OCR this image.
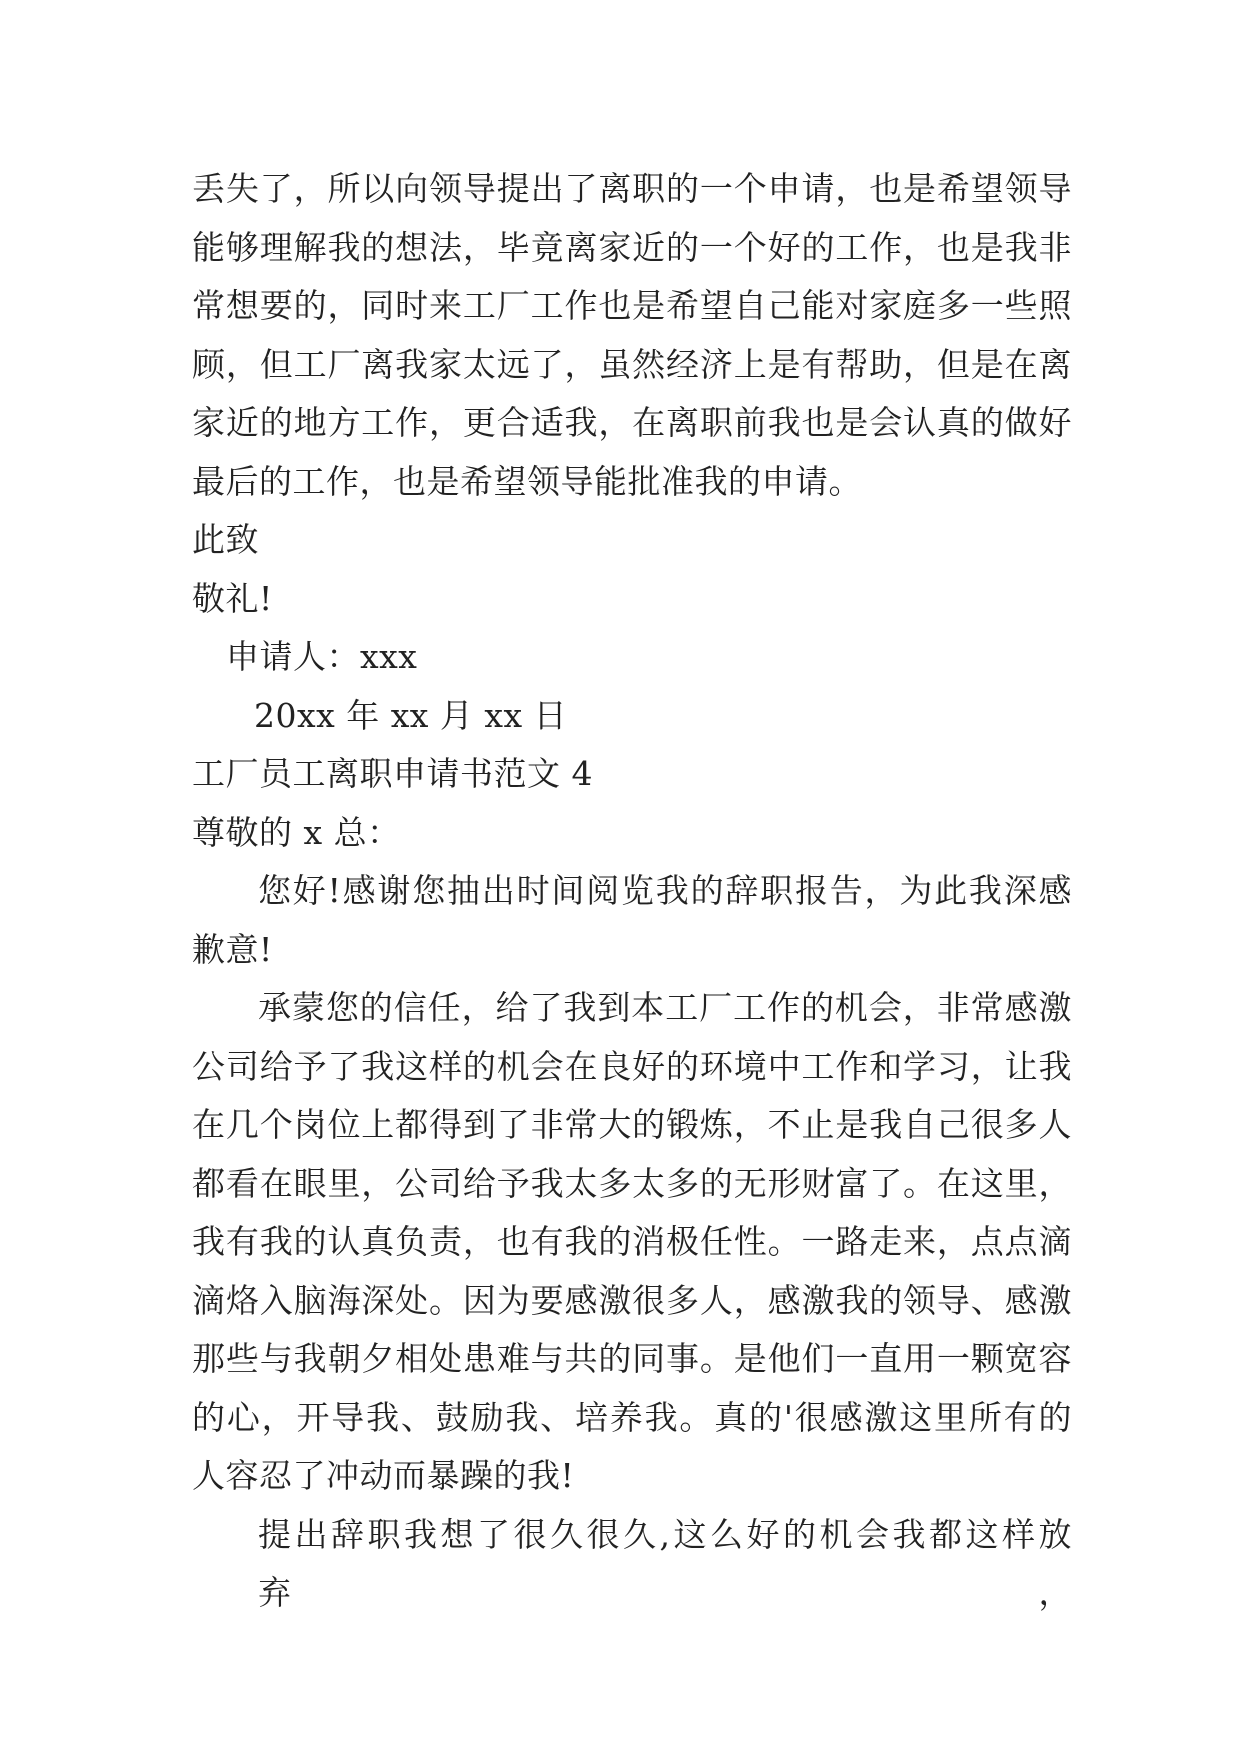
丢失了，所以向领导提出了离职的一个申请，也是希望领导
能够理解我的想法，毕竟离家近的一个好的工作，也是我非
常想要的，同时来工厂工作也是希望自己能对家庭多一些照
顾，但工厂离我家太远了，虽然经济上是有帮助，但是在离
家近的地方工作，更合适我，在离职前我也是会认真的做好
最后的工作，也是希望领导能批准我的申请。
此致
敬礼!
申请人：xxx
20xx 年 xx 月 xx 日
工厂员工离职申请书范文 4
尊敬的 x 总：
您好!感谢您抽出时间阅览我的辞职报告，为此我深感
歉意!
承蒙您的信任，给了我到本工厂工作的机会，非常感激
公司给予了我这样的机会在良好的环境中工作和学习，让我
在几个岗位上都得到了非常大的锻炼，不止是我自己很多人
都看在眼里，公司给予我太多太多的无形财富了。在这里，
我有我的认真负责，也有我的消极任性。一路走来，点点滴
滴烙入脑海深处。因为要感激很多人，感激我的领导、感激
那些与我朝夕相处患难与共的同事。是他们一直用一颗宽容
的心，开导我、鼓励我、培养我。真的'很感激这里所有的
人容忍了冲动而暴躁的我!
提出辞职我想了很久很久,这么好的机会我都这样放弃，
